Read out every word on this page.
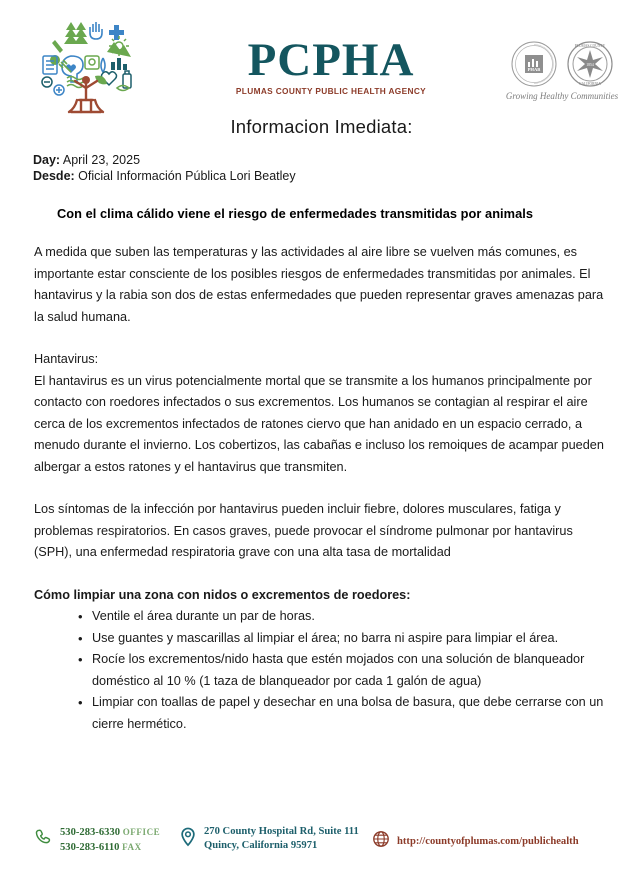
PCPHA
PLUMAS COUNTY PUBLIC HEALTH AGENCY
PHAB
PLUMAS COUNTY
CALIFORNIA
1854
Growing Healthy Communities
Informacion Imediata:
Day: April 23, 2025
Desde: Oficial Información Pública Lori Beatley
Con el clima cálido viene el riesgo de enfermedades transmitidas por animals

A medida que suben las temperaturas y las actividades al aire libre se vuelven más comunes, es importante estar consciente de los posibles riesgos de enfermedades transmitidas por animales. El hantavirus y la rabia son dos de estas enfermedades que pueden representar graves amenazas para la salud humana.

Hantavirus:

El hantavirus es un virus potencialmente mortal que se transmite a los humanos principalmente por contacto con roedores infectados o sus excrementos. Los humanos se contagian al respirar el aire cerca de los excrementos infectados de ratones ciervo que han anidado en un espacio cerrado, a menudo durante el invierno. Los cobertizos, las cabañas e incluso los remoiques de acampar pueden albergar a estos ratones y el hantavirus que transmiten.

Los síntomas de la infección por hantavirus pueden incluir fiebre, dolores musculares, fatiga y problemas respiratorios. En casos graves, puede provocar el síndrome pulmonar por hantavirus (SPH), una enfermedad respiratoria grave con una alta tasa de mortalidad

Cómo limpiar una zona con nidos o excrementos de roedores:

• Ventile el área durante un par de horas.
• Use guantes y mascarillas al limpiar el área; no barra ni aspire para limpiar el área.
• Rocíe los excrementos/nido hasta que estén mojados con una solución de blanqueador doméstico al 10 % (1 taza de blanqueador por cada 1 galón de agua)
• Limpiar con toallas de papel y desechar en una bolsa de basura, que debe cerrarse con un cierre hermético.
530-283-6330 OFFICE
530-283-6110 FAX
270 County Hospital Rd, Suite 111
Quincy, California 95971	http://countyofplumas.com/publichealth
